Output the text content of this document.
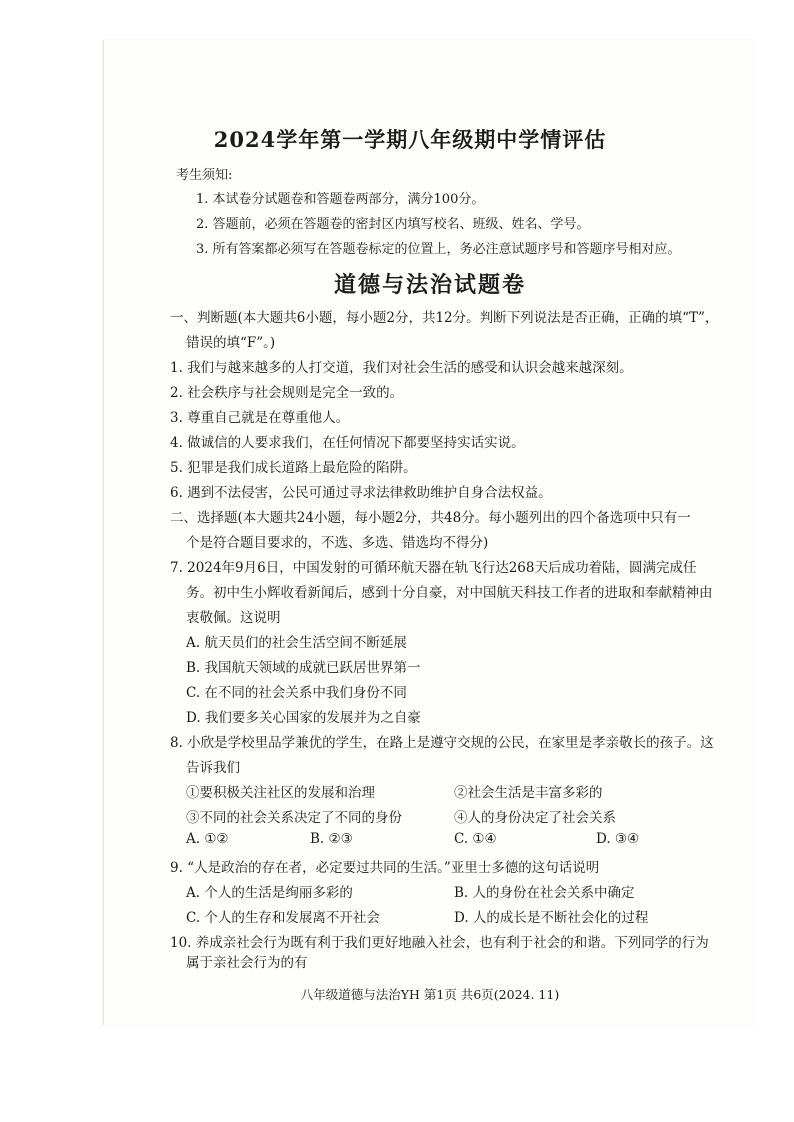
2024学年第一学期八年级期中学情评估
考生须知:
1. 本试卷分试题卷和答题卷两部分，满分100分。
2. 答题前，必须在答题卷的密封区内填写校名、班级、姓名、学号。
3. 所有答案都必须写在答题卷标定的位置上，务必注意试题序号和答题序号相对应。
道德与法治试题卷
一、判断题(本大题共6小题，每小题2分，共12分。判断下列说法是否正确，正确的填“T”，
错误的填“F”。)
1. 我们与越来越多的人打交道，我们对社会生活的感受和认识会越来越深刻。
2. 社会秩序与社会规则是完全一致的。
3. 尊重自己就是在尊重他人。
4. 做诚信的人要求我们，在任何情况下都要坚持实话实说。
5. 犯罪是我们成长道路上最危险的陷阱。
6. 遇到不法侵害，公民可通过寻求法律救助维护自身合法权益。
二、选择题(本大题共24小题，每小题2分，共48分。每小题列出的四个备选项中只有一
个是符合题目要求的，不选、多选、错选均不得分)
7. 2024年9月6日，中国发射的可循环航天器在轨飞行达268天后成功着陆，圆满完成任
务。初中生小辉收看新闻后，感到十分自豪，对中国航天科技工作者的进取和奉献精神由
衷敬佩。这说明
A. 航天员们的社会生活空间不断延展
B. 我国航天领域的成就已跃居世界第一
C. 在不同的社会关系中我们身份不同
D. 我们要多关心国家的发展并为之自豪
8. 小欣是学校里品学兼优的学生，在路上是遵守交规的公民，在家里是孝亲敬长的孩子。这
告诉我们
①要积极关注社区的发展和治理	②社会生活是丰富多彩的
③不同的社会关系决定了不同的身份	④人的身份决定了社会关系
A. ①②	B. ②③	C. ①④	D. ③④
9. “人是政治的存在者，必定要过共同的生活。”亚里士多德的这句话说明
A. 个人的生活是绚丽多彩的	B. 人的身份在社会关系中确定
C. 个人的生存和发展离不开社会	D. 人的成长是不断社会化的过程
10. 养成亲社会行为既有利于我们更好地融入社会，也有利于社会的和谐。下列同学的行为
属于亲社会行为的有
八年级道德与法治YH 第1页 共6页(2024. 11)
